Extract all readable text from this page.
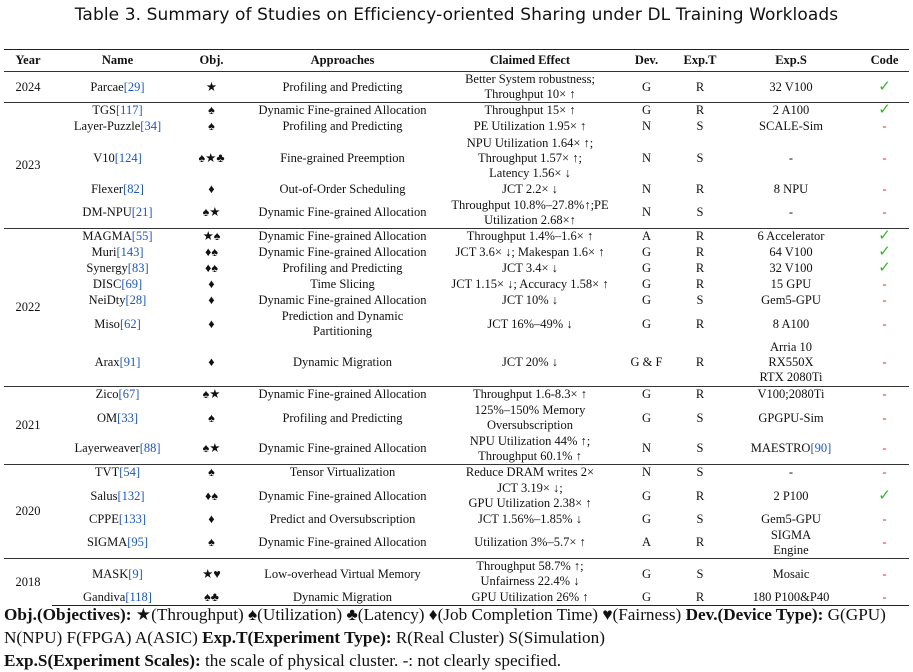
Table 3. Summary of Studies on Efficiency-oriented Sharing under DL Training Workloads
Year	Name	Obj.	Approaches	Claimed Effect	Dev.	Exp.T	Exp.S	Code
2024	Parcae[29]	★	Profiling and Predicting	Better System robustness;
Throughput 10× ↑	G	R	32 V100	✓
2023	TGS[117]	♠	Dynamic Fine-grained Allocation	Throughput 15× ↑	G	R	2 A100	✓
	Layer-Puzzle[34]	♠	Profiling and Predicting	PE Utilization 1.95× ↑	N	S	SCALE-Sim	-
	V10[124]	♠★♣	Fine-grained Preemption	NPU Utilization 1.64× ↑;
Throughput 1.57× ↑;
Latency 1.56× ↓	N	S	-	-
	Flexer[82]	♦	Out-of-Order Scheduling	JCT 2.2× ↓	N	R	8 NPU	-
	DM-NPU[21]	♠★	Dynamic Fine-grained Allocation	Throughput 10.8%–27.8%↑;PE
Utilization 2.68×↑	N	S	-	-
2022	MAGMA[55]	★♠	Dynamic Fine-grained Allocation	Throughput 1.4%–1.6× ↑	A	R	6 Accelerator	✓
	Muri[143]	♦♠	Dynamic Fine-grained Allocation	JCT 3.6× ↓; Makespan 1.6× ↑	G	R	64 V100	✓
	Synergy[83]	♦♠	Profiling and Predicting	JCT 3.4× ↓	G	R	32 V100	✓
	DISC[69]	♦	Time Slicing	JCT 1.15× ↓; Accuracy 1.58× ↑	G	R	15 GPU	-
	NeiDty[28]	♦	Dynamic Fine-grained Allocation	JCT 10% ↓	G	S	Gem5-GPU	-
	Miso[62]	♦	Prediction and Dynamic
Partitioning	JCT 16%–49% ↓	G	R	8 A100	-
	Arax[91]	♦	Dynamic Migration	JCT 20% ↓	G & F	R	Arria 10
RX550X
RTX 2080Ti	-
2021	Zico[67]	♠★	Dynamic Fine-grained Allocation	Throughput 1.6-8.3× ↑	G	R	V100;2080Ti	-
	OM[33]	♠	Profiling and Predicting	125%–150% Memory
Oversubscription	G	S	GPGPU-Sim	-
	Layerweaver[88]	♠★	Dynamic Fine-grained Allocation	NPU Utilization 44% ↑;
Throughput 60.1% ↑	N	S	MAESTRO[90]	-
2020	TVT[54]	♠	Tensor Virtualization	Reduce DRAM writes 2×	N	S	-	-
	Salus[132]	♦♠	Dynamic Fine-grained Allocation	JCT 3.19× ↓;
GPU Utilization 2.38× ↑	G	R	2 P100	✓
	CPPE[133]	♦	Predict and Oversubscription	JCT 1.56%–1.85% ↓	G	S	Gem5-GPU	-
	SIGMA[95]	♠	Dynamic Fine-grained Allocation	Utilization 3%–5.7× ↑	A	R	SIGMA
Engine	-
2018	MASK[9]	★♥	Low-overhead Virtual Memory	Throughput 58.7% ↑;
Unfairness 22.4% ↓	G	S	Mosaic	-
	Gandiva[118]	♠♣	Dynamic Migration	GPU Utilization 26% ↑	G	R	180 P100&P40	-
Obj.(Objectives): ★(Throughput) ♠(Utilization) ♣(Latency) ♦(Job Completion Time) ♥(Fairness) Dev.(Device Type): G(GPU) N(NPU) F(FPGA) A(ASIC) Exp.T(Experiment Type): R(Real Cluster) S(Simulation)
Exp.S(Experiment Scales): the scale of physical cluster. -: not clearly specified.
